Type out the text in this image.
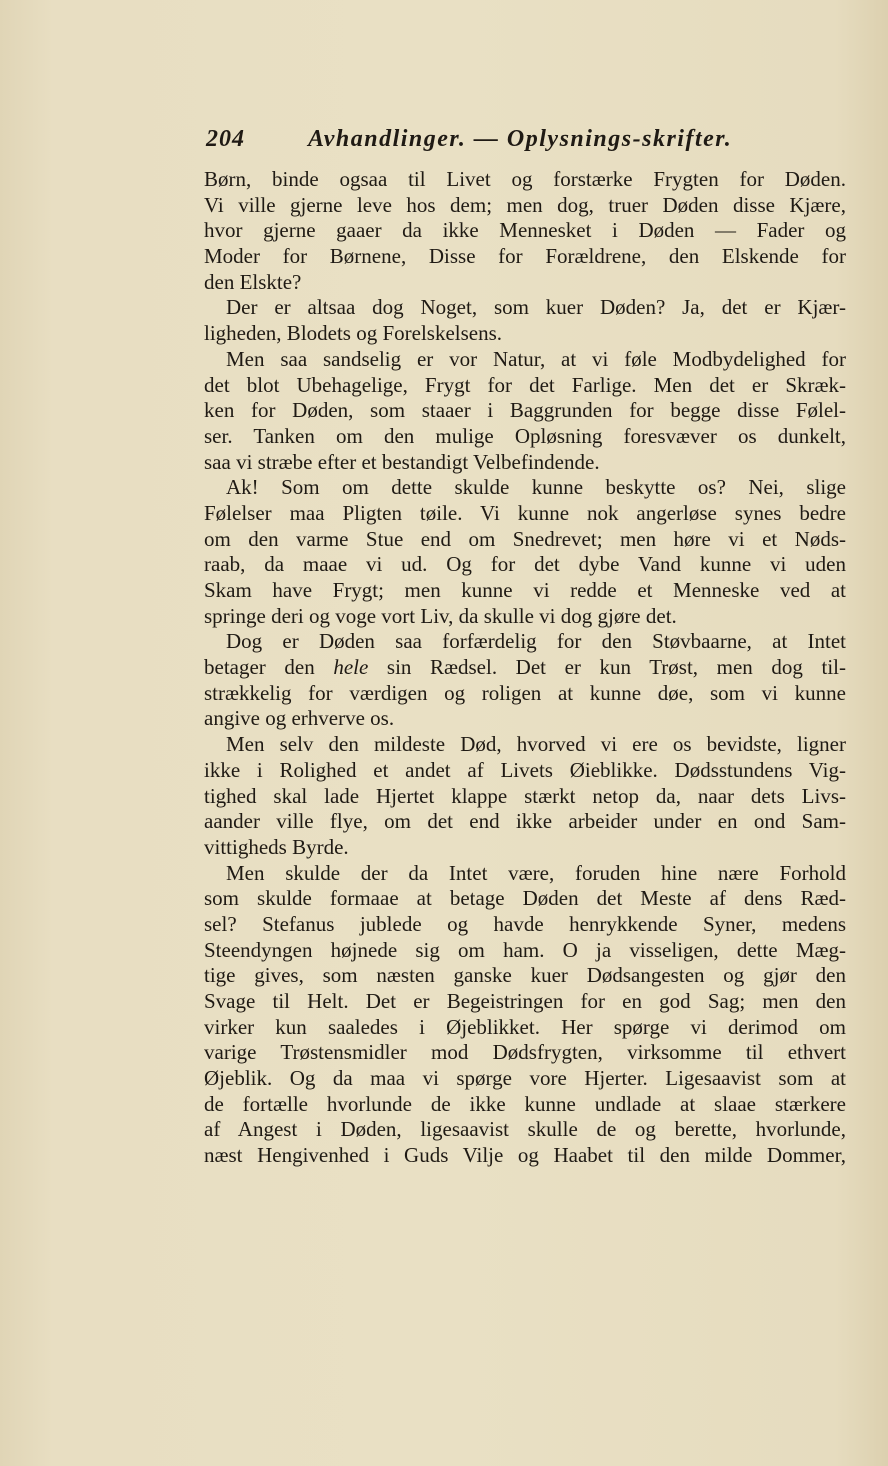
204	Avhandlinger. — Oplysnings-skrifter.
Børn, binde ogsaa til Livet og forstærke Frygten for Døden.
Vi ville gjerne leve hos dem; men dog, truer Døden disse Kjære,
hvor gjerne gaaer da ikke Mennesket i Døden — Fader og
Moder for Børnene, Disse for Forældrene, den Elskende for
den Elskte?
Der er altsaa dog Noget, som kuer Døden? Ja, det er Kjær-
ligheden, Blodets og Forelskelsens.
Men saa sandselig er vor Natur, at vi føle Modbydelighed for
det blot Ubehagelige, Frygt for det Farlige. Men det er Skræk-
ken for Døden, som staaer i Baggrunden for begge disse Følel-
ser. Tanken om den mulige Opløsning foresvæver os dunkelt,
saa vi stræbe efter et bestandigt Velbefindende.
Ak! Som om dette skulde kunne beskytte os? Nei, slige
Følelser maa Pligten tøile. Vi kunne nok angerløse synes bedre
om den varme Stue end om Snedrevet; men høre vi et Nøds-
raab, da maae vi ud. Og for det dybe Vand kunne vi uden
Skam have Frygt; men kunne vi redde et Menneske ved at
springe deri og voge vort Liv, da skulle vi dog gjøre det.
Dog er Døden saa forfærdelig for den Støvbaarne, at Intet
betager den hele sin Rædsel. Det er kun Trøst, men dog til-
strækkelig for værdigen og roligen at kunne døe, som vi kunne
angive og erhverve os.
Men selv den mildeste Død, hvorved vi ere os bevidste, ligner
ikke i Rolighed et andet af Livets Øieblikke. Dødsstundens Vig-
tighed skal lade Hjertet klappe stærkt netop da, naar dets Livs-
aander ville flye, om det end ikke arbeider under en ond Sam-
vittigheds Byrde.
Men skulde der da Intet være, foruden hine nære Forhold
som skulde formaae at betage Døden det Meste af dens Ræd-
sel? Stefanus jublede og havde henrykkende Syner, medens
Steendyngen højnede sig om ham. O ja visseligen, dette Mæg-
tige gives, som næsten ganske kuer Dødsangesten og gjør den
Svage til Helt. Det er Begeistringen for en god Sag; men den
virker kun saaledes i Øjeblikket. Her spørge vi derimod om
varige Trøstensmidler mod Dødsfrygten, virksomme til ethvert
Øjeblik. Og da maa vi spørge vore Hjerter. Ligesaavist som at
de fortælle hvorlunde de ikke kunne undlade at slaae stærkere
af Angest i Døden, ligesaavist skulle de og berette, hvorlunde,
næst Hengivenhed i Guds Vilje og Haabet til den milde Dommer,
